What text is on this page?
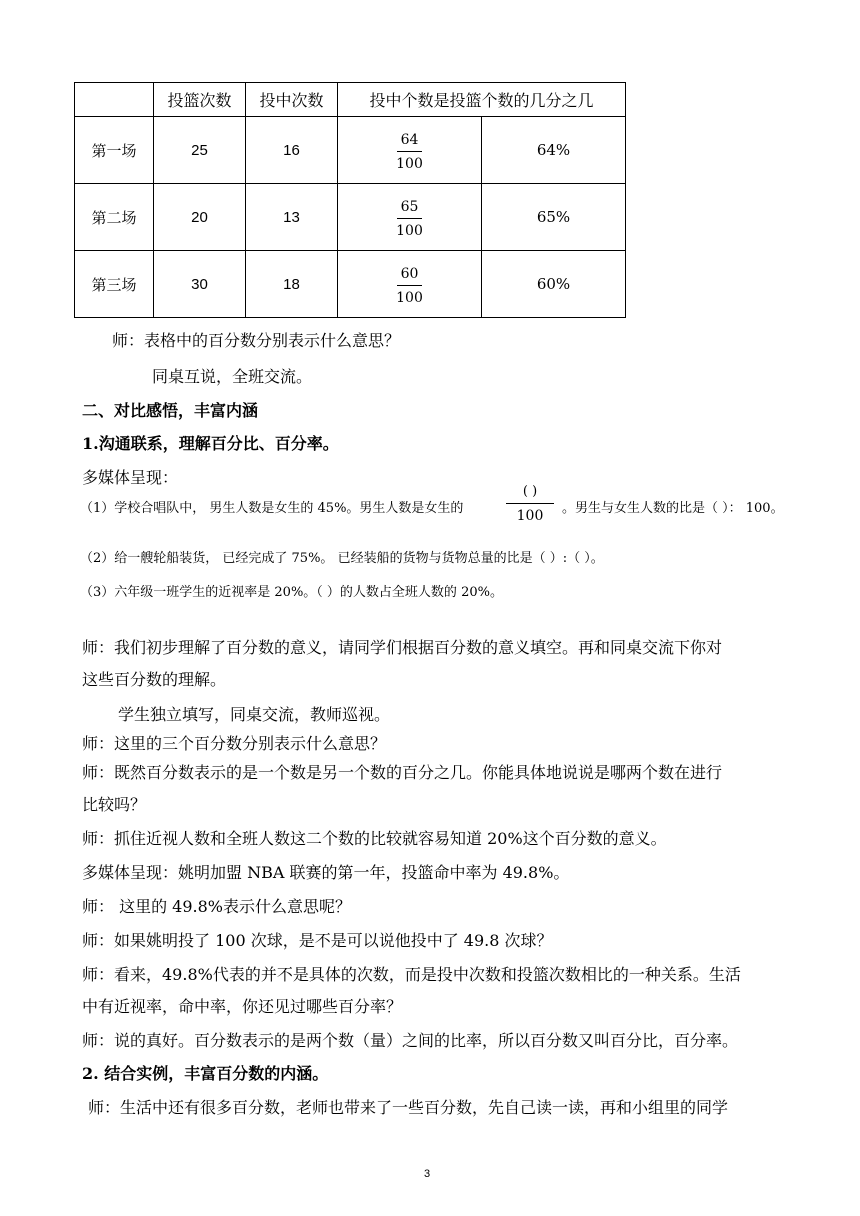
	投篮次数	投中次数	投中个数是投篮个数的几分之几	
第一场	25	16	$\frac{64}{100}$	64%
第二场	20	13	$\frac{65}{100}$	65%
第三场	30	18	$\frac{60}{100}$	60%
师：表格中的百分数分别表示什么意思？
同桌互说，全班交流。
二、对比感悟，丰富内涵
1.沟通联系，理解百分比、百分率。
多媒体呈现：
（1）学校合唱队中， 男生人数是女生的 45%。男生人数是女生的
( )
100	。男生与女生人数的比是（ ）： 100。
（2）给一艘轮船装货， 已经完成了 75%。 已经装船的货物与货物总量的比是（ ）:（ ）。
（3）六年级一班学生的近视率是 20%。（ ）的人数占全班人数的 20%。
师：我们初步理解了百分数的意义，请同学们根据百分数的意义填空。再和同桌交流下你对
这些百分数的理解。
学生独立填写，同桌交流，教师巡视。
师：这里的三个百分数分别表示什么意思？
师：既然百分数表示的是一个数是另一个数的百分之几。你能具体地说说是哪两个数在进行
比较吗？
师：抓住近视人数和全班人数这二个数的比较就容易知道 20%这个百分数的意义。
多媒体呈现：姚明加盟 NBA 联赛的第一年，投篮命中率为 49.8%。
师： 这里的 49.8%表示什么意思呢？
师：如果姚明投了 100 次球，是不是可以说他投中了 49.8 次球？
师：看来，49.8%代表的并不是具体的次数，而是投中次数和投篮次数相比的一种关系。生活
中有近视率，命中率，你还见过哪些百分率？
师：说的真好。百分数表示的是两个数（量）之间的比率，所以百分数又叫百分比，百分率。
2. 结合实例，丰富百分数的内涵。
师：生活中还有很多百分数，老师也带来了一些百分数，先自己读一读，再和小组里的同学
3
